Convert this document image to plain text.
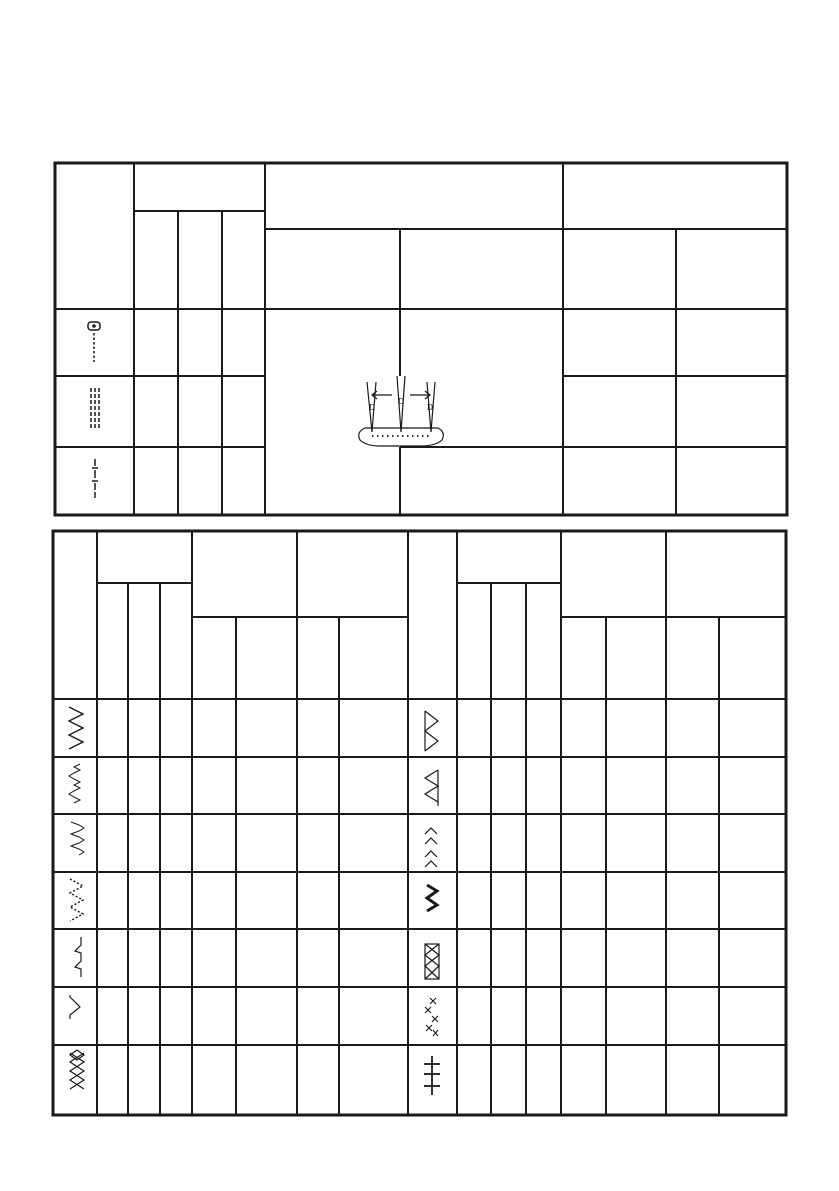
D
D
D
